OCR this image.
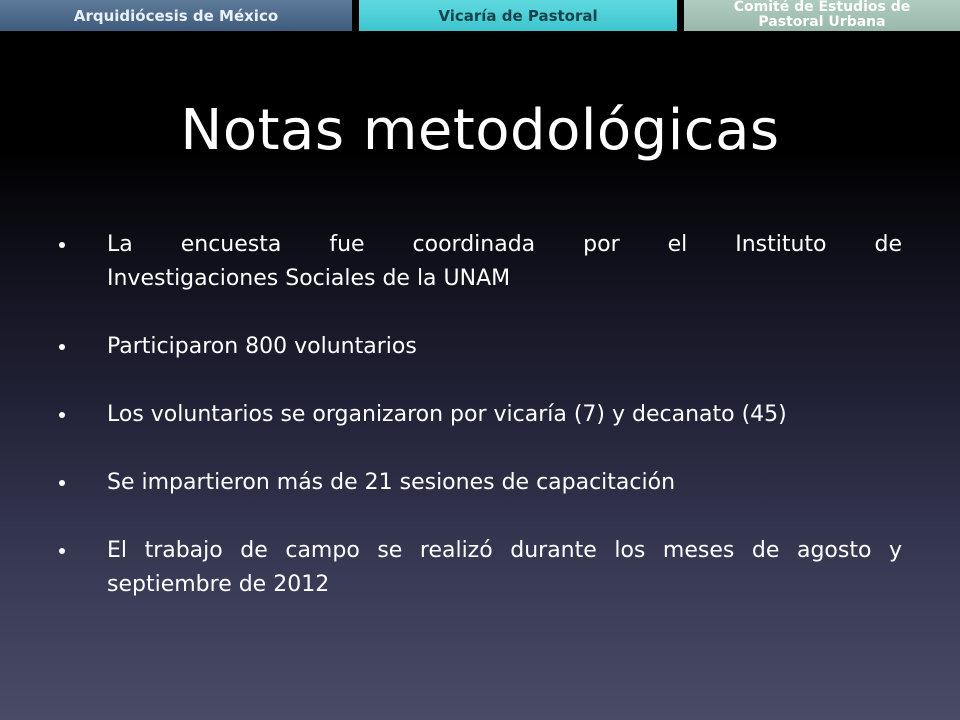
Arquidiócesis de México	Vicaría de Pastoral	Comité de Estudios de
Pastoral Urbana
Notas metodológicas
La encuesta fue coordinada por el Instituto de
Investigaciones Sociales de la UNAM
Participaron 800 voluntarios
Los voluntarios se organizaron por vicaría (7) y decanato (45)
Se impartieron más de 21 sesiones de capacitación
El trabajo de campo se realizó durante los meses de agosto y
septiembre de 2012
